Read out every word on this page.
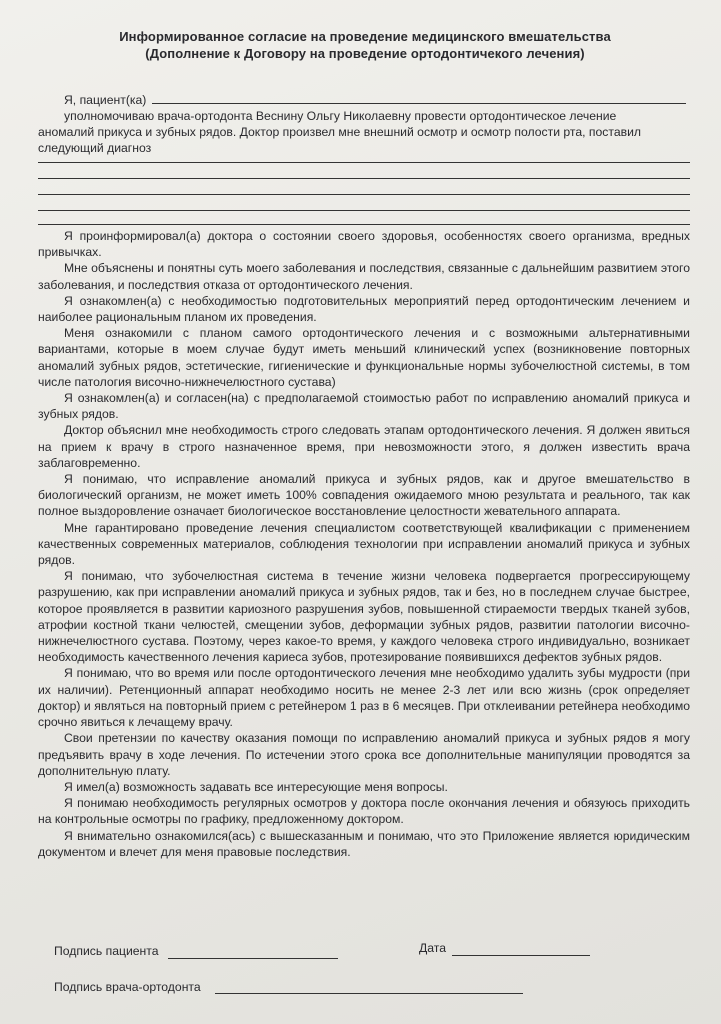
Информированное согласие на проведение медицинского вмешательства
(Дополнение к Договору на проведение ортодонтичекого лечения)
Я, пациент(ка)
уполномочиваю врача-ортодонта Веснину Ольгу Николаевну провести ортодонтическое лечение
аномалий прикуса и зубных рядов. Доктор произвел мне внешний осмотр и осмотр полости рта, поставил
следующий диагноз

Я проинформировал(а) доктора о состоянии своего здоровья, особенностях своего организма, вредных привычках.

Мне объяснены и понятны суть моего заболевания и последствия, связанные с дальнейшим развитием этого заболевания, и последствия отказа от ортодонтического лечения.

Я ознакомлен(а) с необходимостью подготовительных мероприятий перед ортодонтическим лечением и наиболее рациональным планом их проведения.

Меня ознакомили с планом самого ортодонтического лечения и с возможными альтернативными вариантами, которые в моем случае будут иметь меньший клинический успех (возникновение повторных аномалий зубных рядов, эстетические, гигиенические и функциональные нормы зубочелюстной системы, в том числе патология височно-нижнечелюстного сустава)

Я ознакомлен(а) и согласен(на) с предполагаемой стоимостью работ по исправлению аномалий прикуса и зубных рядов.

Доктор объяснил мне необходимость строго следовать этапам ортодонтического лечения. Я должен явиться на прием к врачу в строго назначенное время, при невозможности этого, я должен известить врача заблаговременно.

Я понимаю, что исправление аномалий прикуса и зубных рядов, как и другое вмешательство в биологический организм, не может иметь 100% совпадения ожидаемого мною результата и реального, так как полное выздоровление означает биологическое восстановление целостности жевательного аппарата.

Мне гарантировано проведение лечения специалистом соответствующей квалификации с применением качественных современных материалов, соблюдения технологии при исправлении аномалий прикуса и зубных рядов.

Я понимаю, что зубочелюстная система в течение жизни человека подвергается прогрессирующему разрушению, как при исправлении аномалий прикуса и зубных рядов, так и без, но в последнем случае быстрее, которое проявляется в развитии кариозного разрушения зубов, повышенной стираемости твердых тканей зубов, атрофии костной ткани челюстей, смещении зубов, деформации зубных рядов, развитии патологии височно-нижнечелюстного сустава. Поэтому, через какое-то время, у каждого человека строго индивидуально, возникает необходимость качественного лечения кариеса зубов, протезирование появившихся дефектов зубных рядов.

Я понимаю, что во время или после ортодонтического лечения мне необходимо удалить зубы мудрости (при их наличии). Ретенционный аппарат необходимо носить не менее 2-3 лет или всю жизнь (срок определяет доктор) и являться на повторный прием с ретейнером 1 раз в 6 месяцев. При отклеивании ретейнера необходимо срочно явиться к лечащему врачу.

Свои претензии по качеству оказания помощи по исправлению аномалий прикуса и зубных рядов я могу предъявить врачу в ходе лечения. По истечении этого срока все дополнительные манипуляции проводятся за дополнительную плату.

Я имел(а) возможность задавать все интересующие меня вопросы.

Я понимаю необходимость регулярных осмотров у доктора после окончания лечения и обязуюсь приходить на контрольные осмотры по графику, предложенному доктором.

Я внимательно ознакомился(ась) с вышесказанным и понимаю, что это Приложение является юридическим документом и влечет для меня правовые последствия.

Подпись пациента	Дата
Подпись врача-ортодонта
